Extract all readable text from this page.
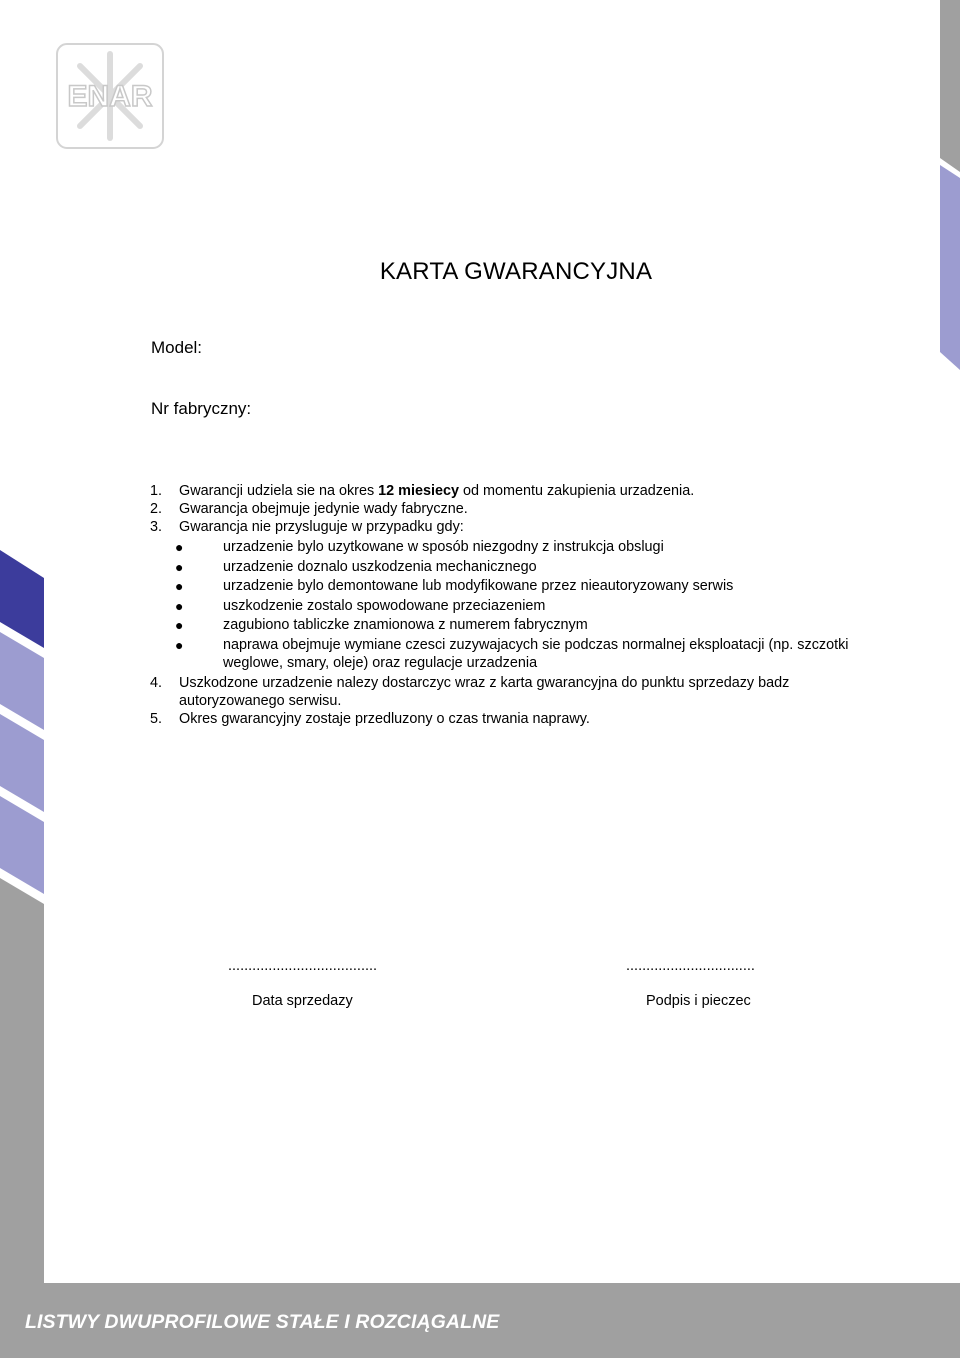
ENAR
KARTA GWARANCYJNA
Model:
Nr fabryczny:
1. Gwarancji udziela sie na okres 12 miesiecy od momentu zakupienia urzadzenia.
2. Gwarancja obejmuje jedynie wady fabryczne.
3. Gwarancja nie przysluguje w przypadku gdy:
●	urzadzenie bylo uzytkowane w sposób niezgodny z instrukcja obslugi
●	urzadzenie doznalo uszkodzenia mechanicznego
●	urzadzenie bylo demontowane lub modyfikowane przez nieautoryzowany serwis
●	uszkodzenie zostalo spowodowane przeciazeniem
●	zagubiono tabliczke znamionowa z numerem fabrycznym
●	naprawa obejmuje wymiane czesci zuzywajacych sie podczas normalnej eksploatacji (np. szczotki weglowe, smary, oleje) oraz regulacje urzadzenia
4. Uszkodzone urzadzenie nalezy dostarczyc wraz z karta gwarancyjna do punktu sprzedazy badz autoryzowanego serwisu.
5. Okres gwarancyjny zostaje przedluzony o czas trwania naprawy.
.....................................
Data sprzedazy
................................
Podpis i pieczec
LISTWY DWUPROFILOWE STAŁE I ROZCIĄGALNE
